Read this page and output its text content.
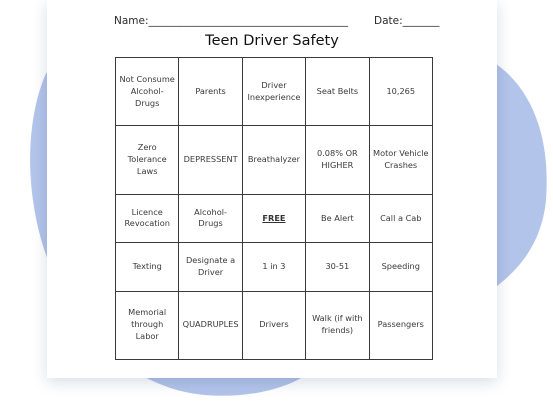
Name:______________________________________ Date:_______
Teen Driver Safety
Not Consume Alcohol-Drugs	Parents	Driver Inexperience	Seat Belts	10,265
Zero Tolerance Laws	DEPRESSENT	Breathalyzer	0.08% OR HIGHER	Motor Vehicle Crashes
Licence Revocation	Alcohol-Drugs	FREE	Be Alert	Call a Cab
Texting	Designate a Driver	1 in 3	30-51	Speeding
Memorial through Labor	QUADRUPLES	Drivers	Walk (if with friends)	Passengers
